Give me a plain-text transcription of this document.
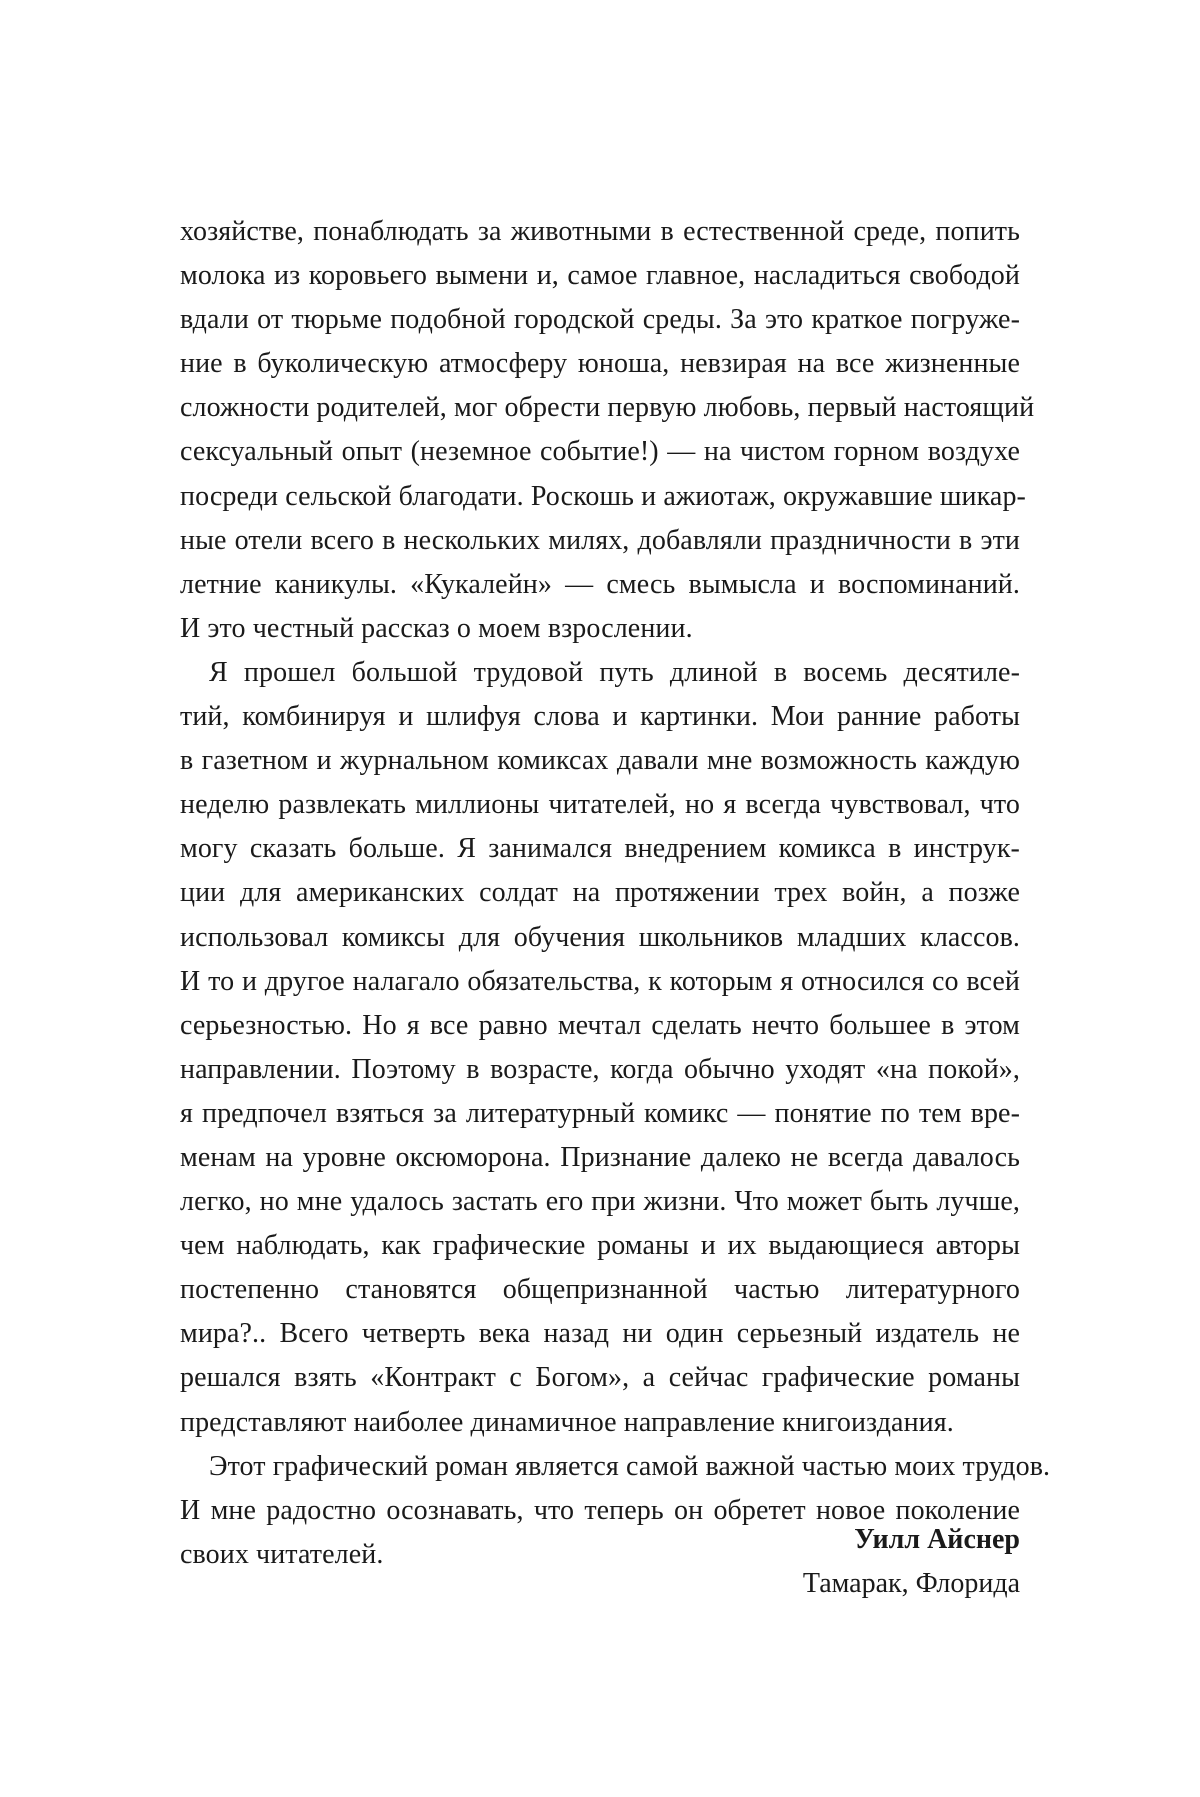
хозяйстве, понаблюдать за животными в естественной среде, попить
молока из коровьего вымени и, самое главное, насладиться свободой
вдали от тюрьме подобной городской среды. За это краткое погруже-
ние в буколическую атмосферу юноша, невзирая на все жизненные
сложности родителей, мог обрести первую любовь, первый настоящий
сексуальный опыт (неземное событие!) — на чистом горном воздухе
посреди сельской благодати. Роскошь и ажиотаж, окружавшие шикар-
ные отели всего в нескольких милях, добавляли праздничности в эти
летние каникулы. «Кукалейн» — смесь вымысла и воспоминаний.
И это честный рассказ о моем взрослении.
Я прошел большой трудовой путь длиной в восемь десятиле-
тий, комбинируя и шлифуя слова и картинки. Мои ранние работы
в газетном и журнальном комиксах давали мне возможность каждую
неделю развлекать миллионы читателей, но я всегда чувствовал, что
могу сказать больше. Я занимался внедрением комикса в инструк-
ции для американских солдат на протяжении трех войн, а позже
использовал комиксы для обучения школьников младших классов.
И то и другое налагало обязательства, к которым я относился со всей
серьезностью. Но я все равно мечтал сделать нечто большее в этом
направлении. Поэтому в возрасте, когда обычно уходят «на покой»,
я предпочел взяться за литературный комикс — понятие по тем вре-
менам на уровне оксюморона. Признание далеко не всегда давалось
легко, но мне удалось застать его при жизни. Что может быть лучше,
чем наблюдать, как графические романы и их выдающиеся авторы
постепенно становятся общепризнанной частью литературного
мира?.. Всего четверть века назад ни один серьезный издатель не
решался взять «Контракт с Богом», а сейчас графические романы
представляют наиболее динамичное направление книгоиздания.
Этот графический роман является самой важной частью моих трудов.
И мне радостно осознавать, что теперь он обретет новое поколение
своих читателей.	Уилл Айснер
Тамарак, Флорида
